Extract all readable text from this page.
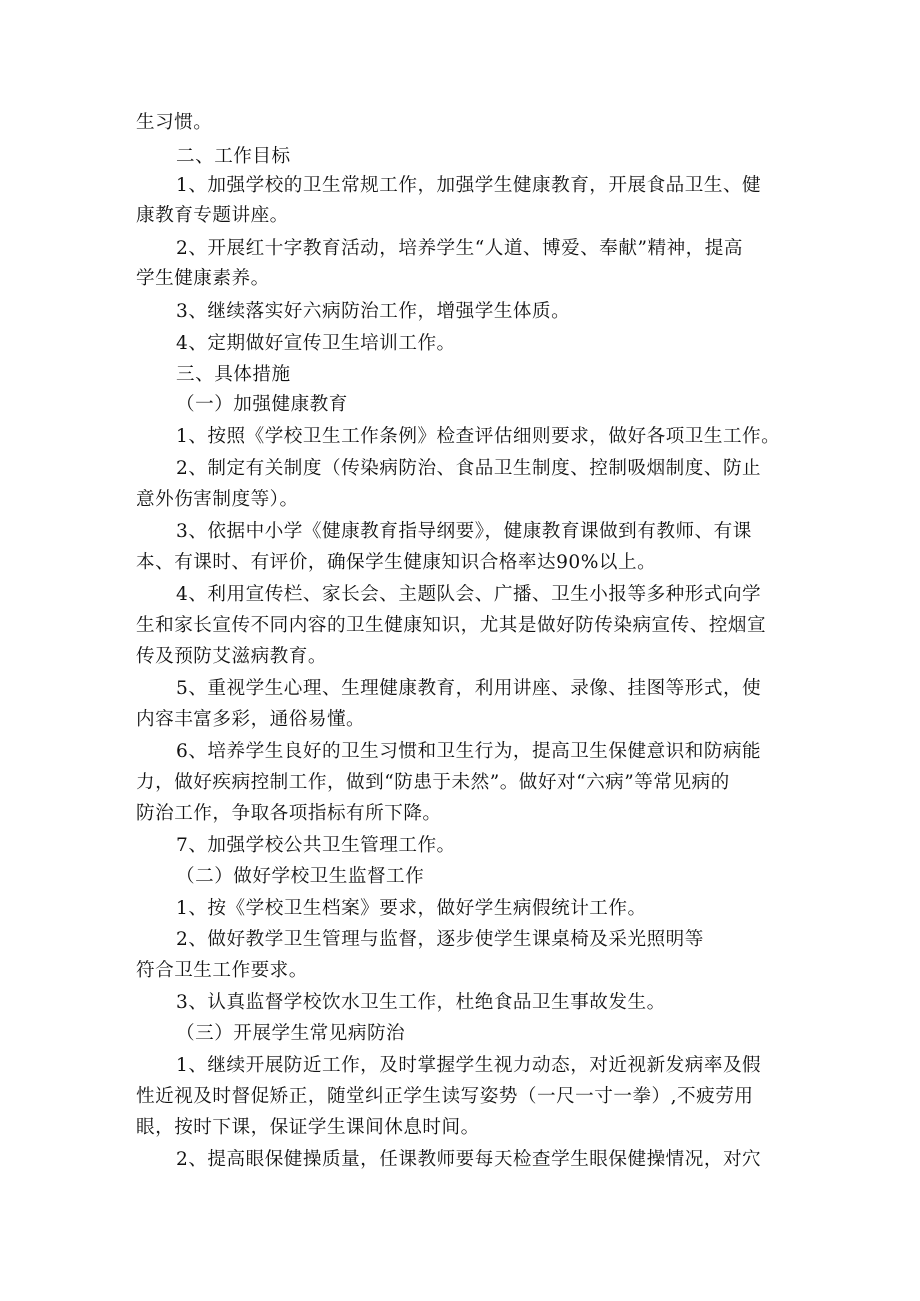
生习惯。
二、工作目标
1、加强学校的卫生常规工作，加强学生健康教育，开展食品卫生、健
康教育专题讲座。
2、开展红十字教育活动，培养学生“人道、博爱、奉献”精神，提高
学生健康素养。
3、继续落实好六病防治工作，增强学生体质。
4、定期做好宣传卫生培训工作。
三、具体措施
（一）加强健康教育
1、按照《学校卫生工作条例》检查评估细则要求，做好各项卫生工作。
2、制定有关制度（传染病防治、食品卫生制度、控制吸烟制度、防止
意外伤害制度等）。
3、依据中小学《健康教育指导纲要》，健康教育课做到有教师、有课
本、有课时、有评价，确保学生健康知识合格率达90%以上。
4、利用宣传栏、家长会、主题队会、广播、卫生小报等多种形式向学
生和家长宣传不同内容的卫生健康知识，尤其是做好防传染病宣传、控烟宣
传及预防艾滋病教育。
5、重视学生心理、生理健康教育，利用讲座、录像、挂图等形式，使
内容丰富多彩，通俗易懂。
6、培养学生良好的卫生习惯和卫生行为，提高卫生保健意识和防病能
力，做好疾病控制工作，做到“防患于未然”。做好对“六病”等常见病的
防治工作，争取各项指标有所下降。
7、加强学校公共卫生管理工作。
（二）做好学校卫生监督工作
1、按《学校卫生档案》要求，做好学生病假统计工作。
2、做好教学卫生管理与监督，逐步使学生课桌椅及采光照明等
符合卫生工作要求。
3、认真监督学校饮水卫生工作，杜绝食品卫生事故发生。
（三）开展学生常见病防治
1、继续开展防近工作，及时掌握学生视力动态，对近视新发病率及假
性近视及时督促矫正，随堂纠正学生读写姿势（一尺一寸一拳）,不疲劳用
眼，按时下课，保证学生课间休息时间。
2、提高眼保健操质量，任课教师要每天检查学生眼保健操情况，对穴
